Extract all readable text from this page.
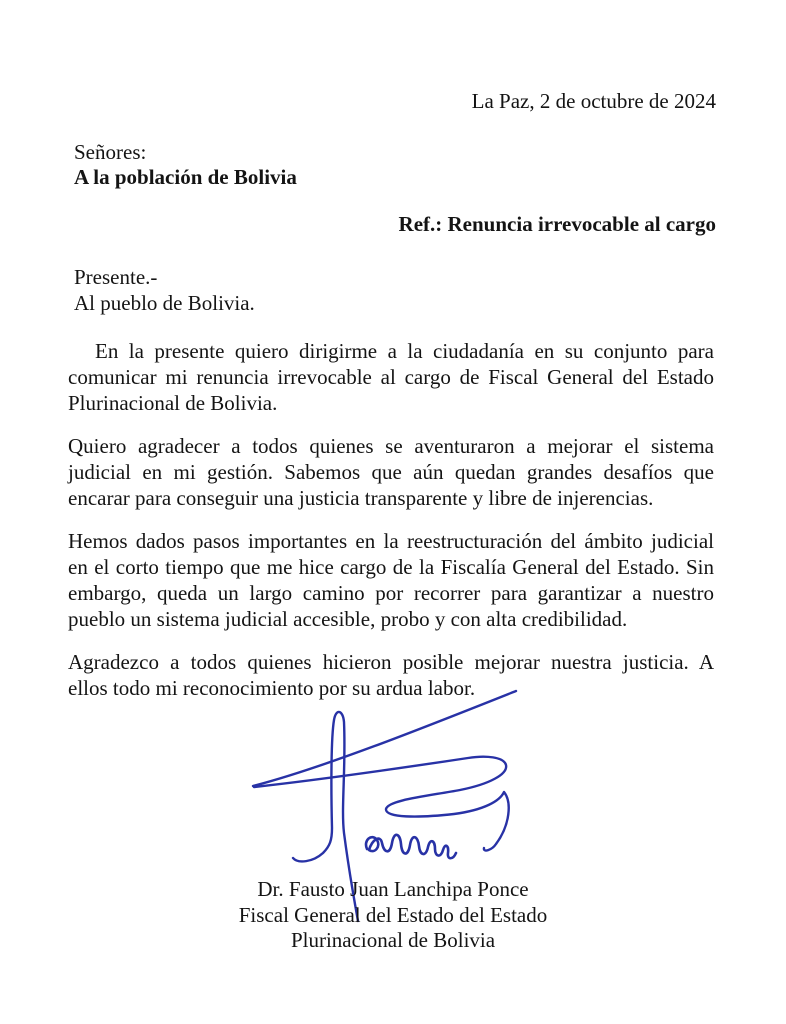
La Paz, 2 de octubre de 2024
Señores:
A la población de Bolivia
Ref.: Renuncia irrevocable al cargo
Presente.-
Al pueblo de Bolivia.

En la presente quiero dirigirme a la ciudadanía en su conjunto para
comunicar mi renuncia irrevocable al cargo de Fiscal General del Estado
Plurinacional de Bolivia.

Quiero agradecer a todos quienes se aventuraron a mejorar el sistema
judicial en mi gestión. Sabemos que aún quedan grandes desafíos que
encarar para conseguir una justicia transparente y libre de injerencias.

Hemos dados pasos importantes en la reestructuración del ámbito judicial
en el corto tiempo que me hice cargo de la Fiscalía General del Estado. Sin
embargo, queda un largo camino por recorrer para garantizar a nuestro
pueblo un sistema judicial accesible, probo y con alta credibilidad.

Agradezco a todos quienes hicieron posible mejorar nuestra justicia. A
ellos todo mi reconocimiento por su ardua labor.

Dr. Fausto Juan Lanchipa Ponce
Fiscal General del Estado del Estado
Plurinacional de Bolivia
